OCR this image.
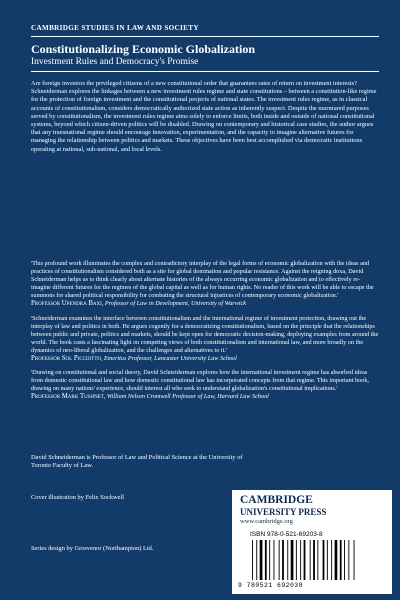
CAMBRIDGE STUDIES IN LAW AND SOCIETY
Constitutionalizing Economic Globalization
Investment Rules and Democracy's Promise

Are foreign investors the privileged citizens of a new constitutional order that guarantees rates of return on investment interests? Schneiderman explores the linkages between a new investment rules regime and state constitutions – between a constitution-like regime for the protection of foreign investment and the constitutional projects of national states. The investment rules regime, as in classical accounts of constitutionalism, considers democratically authorized state action as inherently suspect. Despite the murmured purposes served by constitutionalism, the investment rules regime aims solely to enforce limits, both inside and outside of national constitutional systems, beyond which citizen-driven politics will be disabled. Drawing on contemporary and historical case studies, the author argues that any transnational regime should encourage innovation, experimentation, and the capacity to imagine alternative futures for managing the relationship between politics and markets. These objectives have been best accomplished via democratic institutions operating at national, sub-national, and local levels.

'This profound work illuminates the complex and contradictory interplay of the legal forms of economic globalization with the ideas and practices of constitutionalism considered both as a site for global domination and popular resistance. Against the reigning doxa, David Schneiderman helps us to think clearly about alternate histories of the always occurring economic globalization and to effectively re-imagine different futures for the regimes of the global capital as well as for human rights. No reader of this work will be able to escape the summons for shared political responsibility for combating the structural injustices of contemporary economic globalization.'
Professor Upendra Baxi, Professor of Law in Development, University of Warwick

'Schneiderman examines the interface between constitutionalism and the international regime of investment protection, drawing out the interplay of law and politics in both. He argues cogently for a democratizing constitutionalism, based on the principle that the relationships between public and private, politics and markets, should be kept open for democratic decision-making, deploying examples from around the world. The book casts a fascinating light on competing views of both constitutionalism and international law, and more broadly on the dynamics of neo-liberal globalization, and the challenges and alternatives to it.'
Professor Sol Picciotto, Emeritus Professor, Lancaster University Law School

'Drawing on constitutional and social theory, David Schneiderman explores how the international investment regime has absorbed ideas from domestic constitutional law and how domestic constitutional law has incorporated concepts from that regime. This important book, drawing on many nations' experience, should interest all who seek to understand globalization's constitutional implications.'
Professor Mark Tushnet, William Nelson Cromwell Professor of Law, Harvard Law School

David Schneiderman is Professor of Law and Political Science at the University of Toronto Faculty of Law.

Cover illustration by Felix Sockwell
Series design by Grosvenor (Northampton) Ltd.
CAMBRIDGE
UNIVERSITY PRESS
www.cambridge.org
ISBN 978-0-521-69203-8
9 780521 692038
